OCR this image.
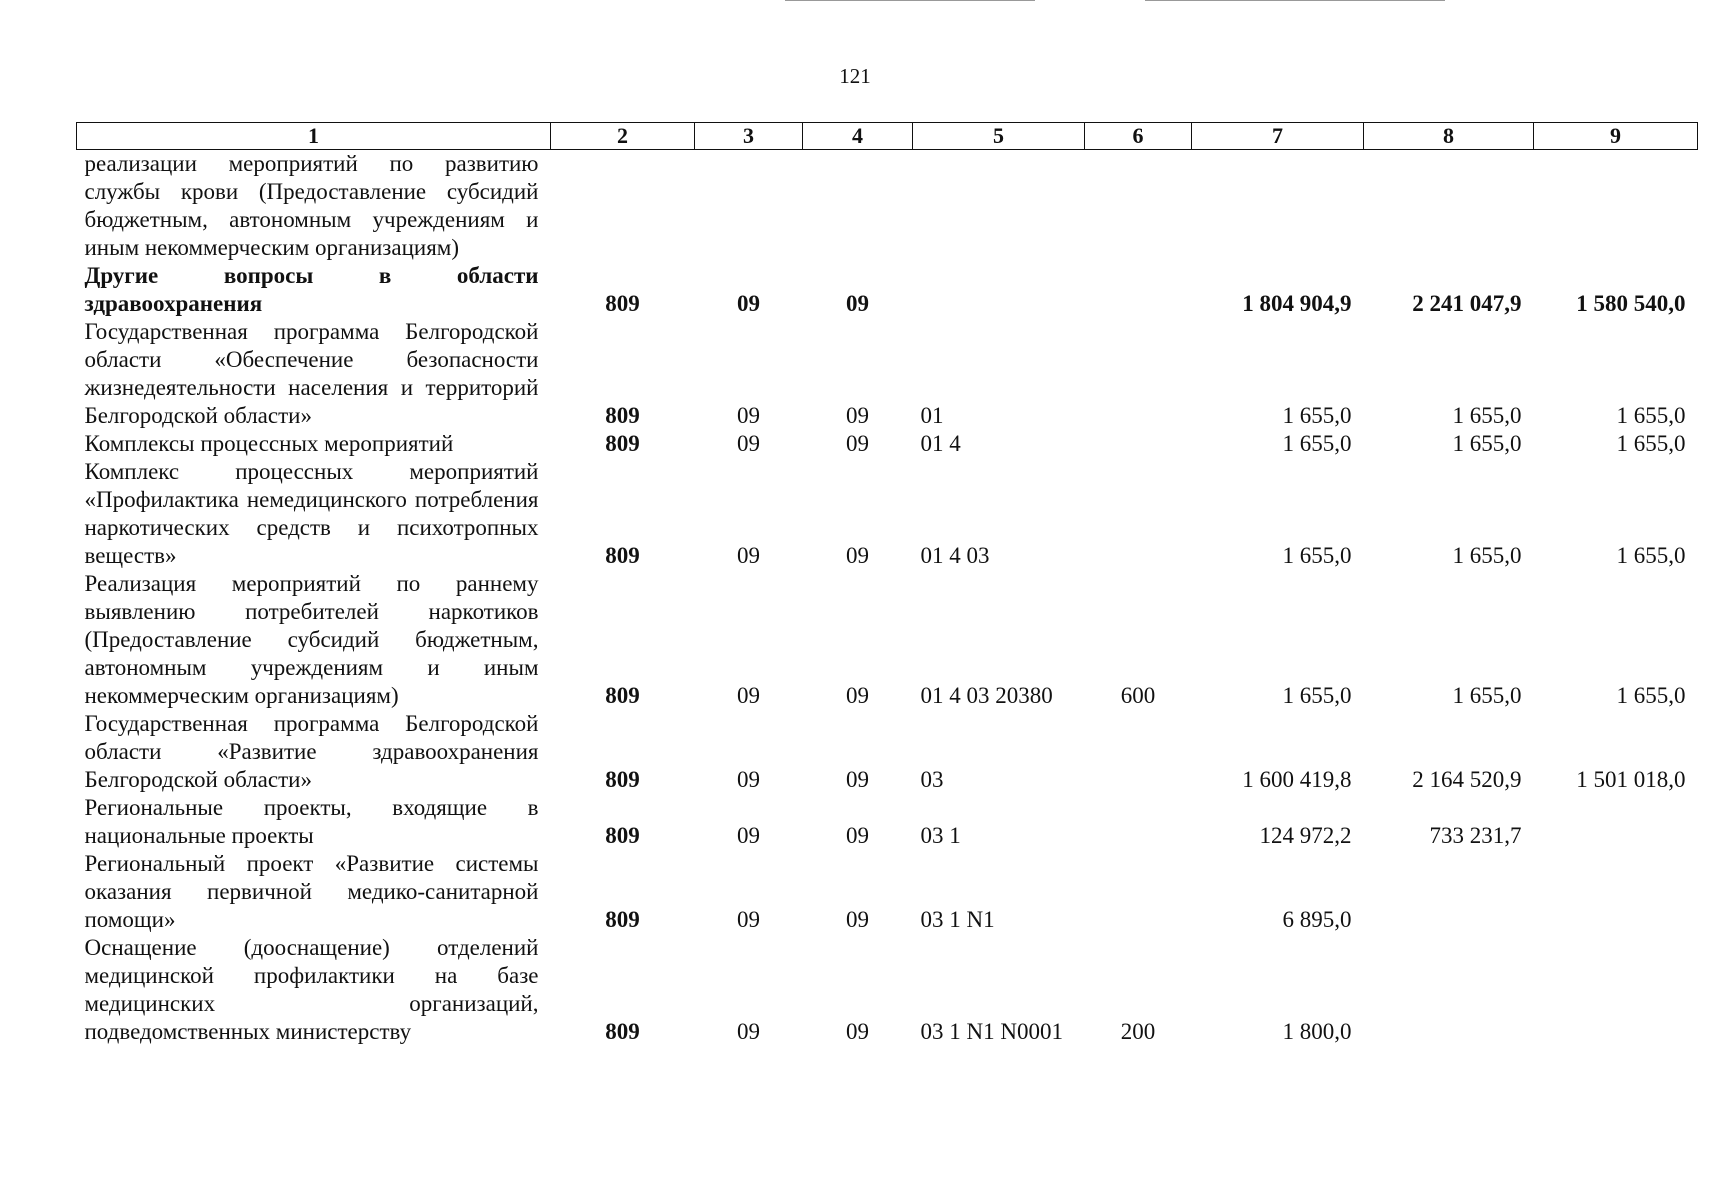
121
1	2	3	4	5	6	7	8	9
реализации мероприятий по развитию службы крови (Предоставление субсидий бюджетным, автономным учреждениям и иным некоммерческим организациям)								
Другие вопросы в области здравоохранения	809	09	09			1 804 904,9	2 241 047,9	1 580 540,0
Государственная программа Белгородской области «Обеспечение безопасности жизнедеятельности населения и территорий Белгородской области»	809	09	09	01		1 655,0	1 655,0	1 655,0
Комплексы процессных мероприятий	809	09	09	01 4		1 655,0	1 655,0	1 655,0
Комплекс процессных мероприятий «Профилактика немедицинского потребления наркотических средств и психотропных веществ»	809	09	09	01 4 03		1 655,0	1 655,0	1 655,0
Реализация мероприятий по раннему выявлению потребителей наркотиков (Предоставление субсидий бюджетным, автономным учреждениям и иным некоммерческим организациям)	809	09	09	01 4 03 20380	600	1 655,0	1 655,0	1 655,0
Государственная программа Белгородской области «Развитие здравоохранения Белгородской области»	809	09	09	03		1 600 419,8	2 164 520,9	1 501 018,0
Региональные проекты, входящие в национальные проекты	809	09	09	03 1		124 972,2	733 231,7	
Региональный проект «Развитие системы оказания первичной медико-санитарной помощи»	809	09	09	03 1 N1		6 895,0		
Оснащение (дооснащение) отделений медицинской профилактики на базе медицинских организаций, подведомственных министерству	809	09	09	03 1 N1 N0001	200	1 800,0		
